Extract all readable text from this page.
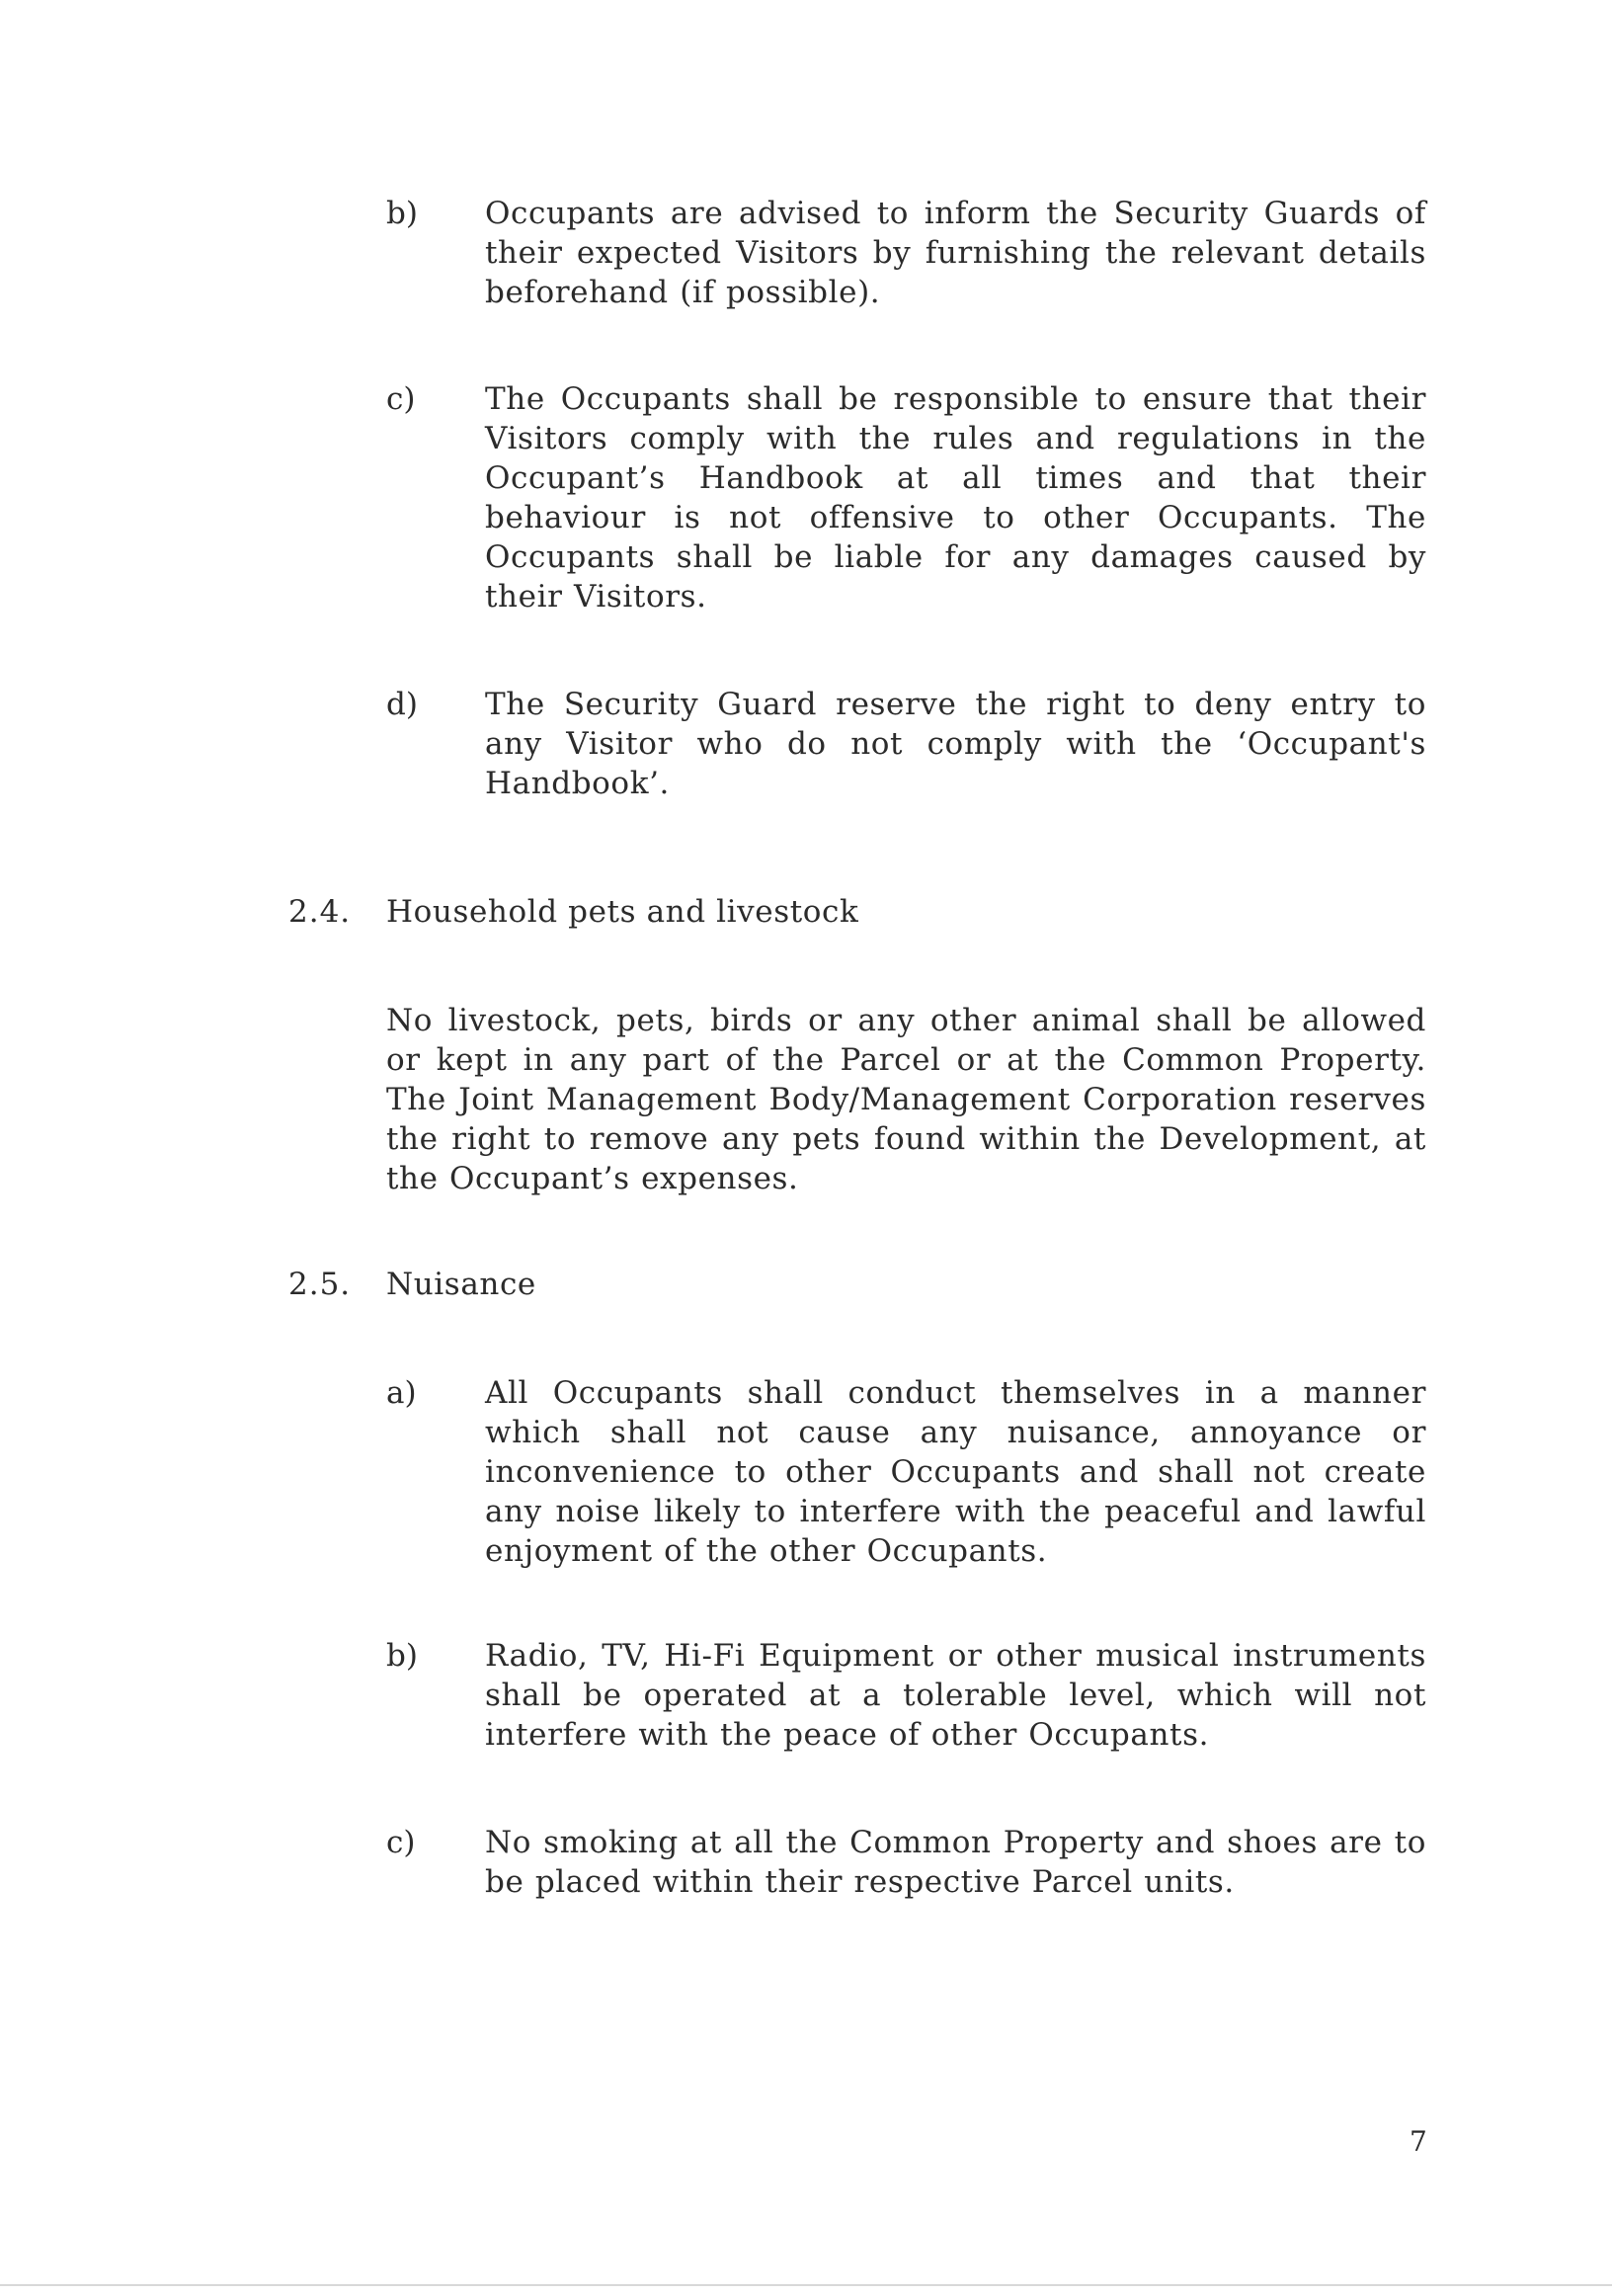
b) Occupants are advised to inform the Security Guards of their expected Visitors by furnishing the relevant details beforehand (if possible).
c) The Occupants shall be responsible to ensure that their Visitors comply with the rules and regulations in the Occupant’s Handbook at all times and that their behaviour is not offensive to other Occupants. The Occupants shall be liable for any damages caused by their Visitors.
d) The Security Guard reserve the right to deny entry to any Visitor who do not comply with the ‘Occupant's Handbook’.
2.4. Household pets and livestock
No livestock, pets, birds or any other animal shall be allowed or kept in any part of the Parcel or at the Common Property. The Joint Management Body/Management Corporation reserves the right to remove any pets found within the Development, at the Occupant’s expenses.
2.5. Nuisance
a) All Occupants shall conduct themselves in a manner which shall not cause any nuisance, annoyance or inconvenience to other Occupants and shall not create any noise likely to interfere with the peaceful and lawful enjoyment of the other Occupants.
b) Radio, TV, Hi-Fi Equipment or other musical instruments shall be operated at a tolerable level, which will not interfere with the peace of other Occupants.
c) No smoking at all the Common Property and shoes are to be placed within their respective Parcel units.
7
